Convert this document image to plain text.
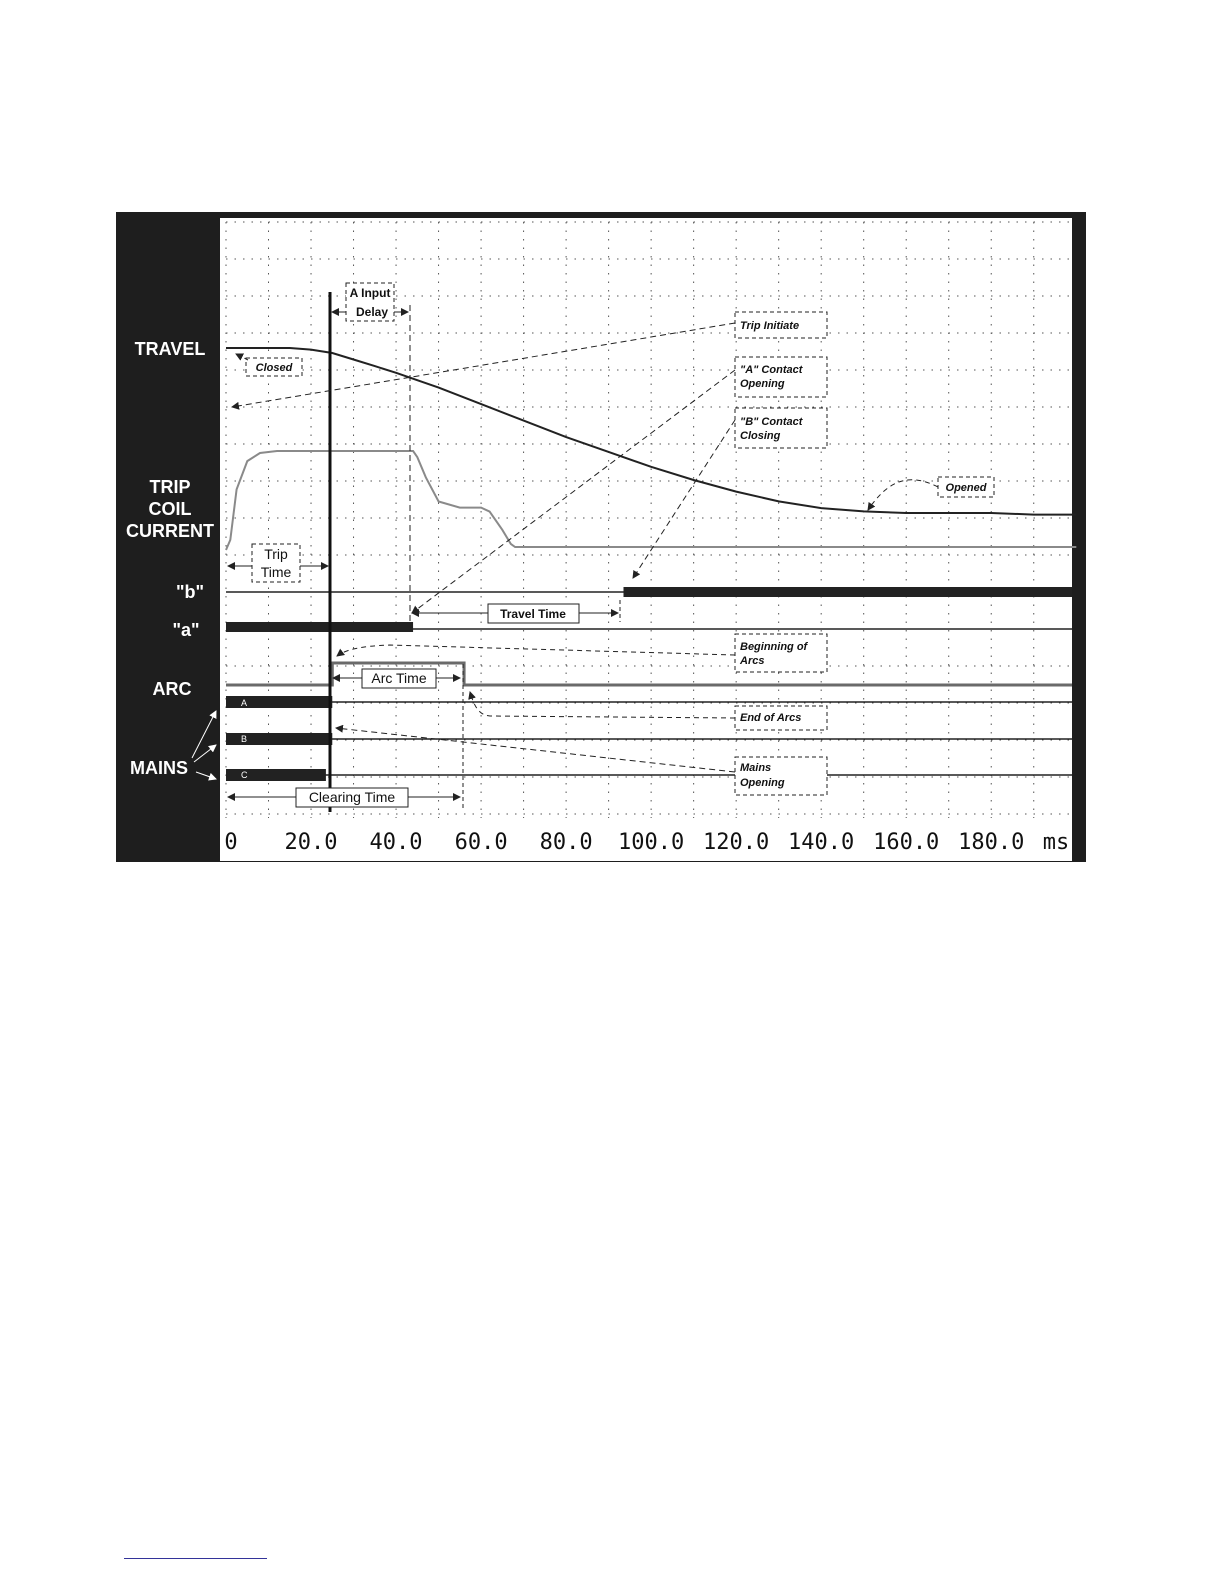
TRAVEL
TRIP
COIL
CURRENT
"b"
"a"
ARC
MAINS
A Input
Delay
Closed
Trip Initiate
"A" Contact
Opening
"B" Contact
Closing
Opened
Trip
Time
Travel Time
Beginning of
Arcs
Arc Time
End of Arcs
Mains
Opening
Clearing Time
A
B
C
0 20.0 40.0 60.0 80.0 100.0 120.0 140.0 160.0 180.0 ms
